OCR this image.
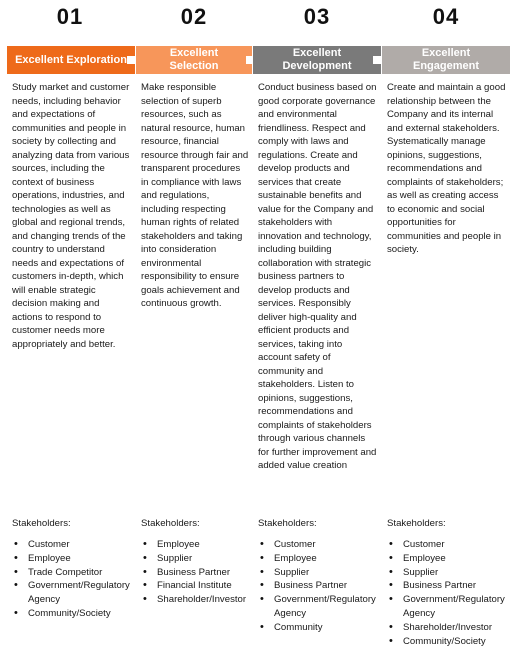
01
Excellent Exploration
Study market and customer needs, including behavior and expectations of communities and people in society by collecting and analyzing data from various sources, including the context of business operations, industries, and technologies as well as global and regional trends, and changing trends of the country to understand needs and expectations of customers in-depth, which will enable strategic decision making and actions to respond to customer needs more appropriately and better.
Stakeholders:
• Customer
• Employee
• Trade Competitor
• Government/Regulatory Agency
• Community/Society
02
Excellent
Selection
Make responsible selection of superb resources, such as natural resource, human resource, financial resource through fair and transparent procedures in compliance with laws and regulations, including respecting human rights of related stakeholders and taking into consideration environmental responsibility to ensure goals achievement and continuous growth.
Stakeholders:
• Employee
• Supplier
• Business Partner
• Financial Institute
• Shareholder/Investor
03
Excellent
Development
Conduct business based on good corporate governance and environmental friendliness. Respect and comply with laws and regulations. Create and develop products and services that create sustainable benefits and value for the Company and stakeholders with innovation and technology, including building collaboration with strategic business partners to develop products and services. Responsibly deliver high-quality and efficient products and services, taking into account safety of community and stakeholders. Listen to opinions, suggestions, recommendations and complaints of stakeholders through various channels for further improvement and added value creation
Stakeholders:
• Customer
• Employee
• Supplier
• Business Partner
• Government/Regulatory Agency
• Community
04
Excellent
Engagement
Create and maintain a good relationship between the Company and its internal and external stakeholders. Systematically manage opinions, suggestions, recommendations and complaints of stakeholders; as well as creating access to economic and social opportunities for communities and people in society.
Stakeholders:
• Customer
• Employee
• Supplier
• Business Partner
• Government/Regulatory Agency
• Shareholder/Investor
• Community/Society
